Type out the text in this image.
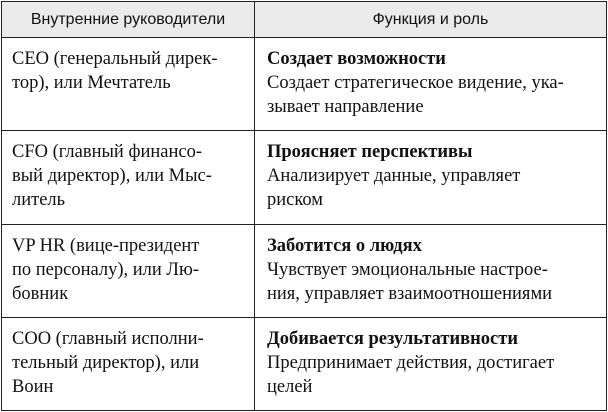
Внутренние руководители	Функция и роль
CEO (генеральный дирек-
тор), или Мечтатель	Создает возможности
Создает стратегическое видение, ука-
зывает направление

CFO (главный финансо-
вый директор), или Мыс-
литель	Проясняет перспективы
Анализирует данные, управляет
риском

VP HR (вице-президент
по персоналу), или Лю-
бовник	Заботится о людях
Чувствует эмоциональные настрое-
ния, управляет взаимоотношениями

COO (главный исполни-
тельный директор), или
Воин	Добивается результативности
Предпринимает действия, достигает
целей
